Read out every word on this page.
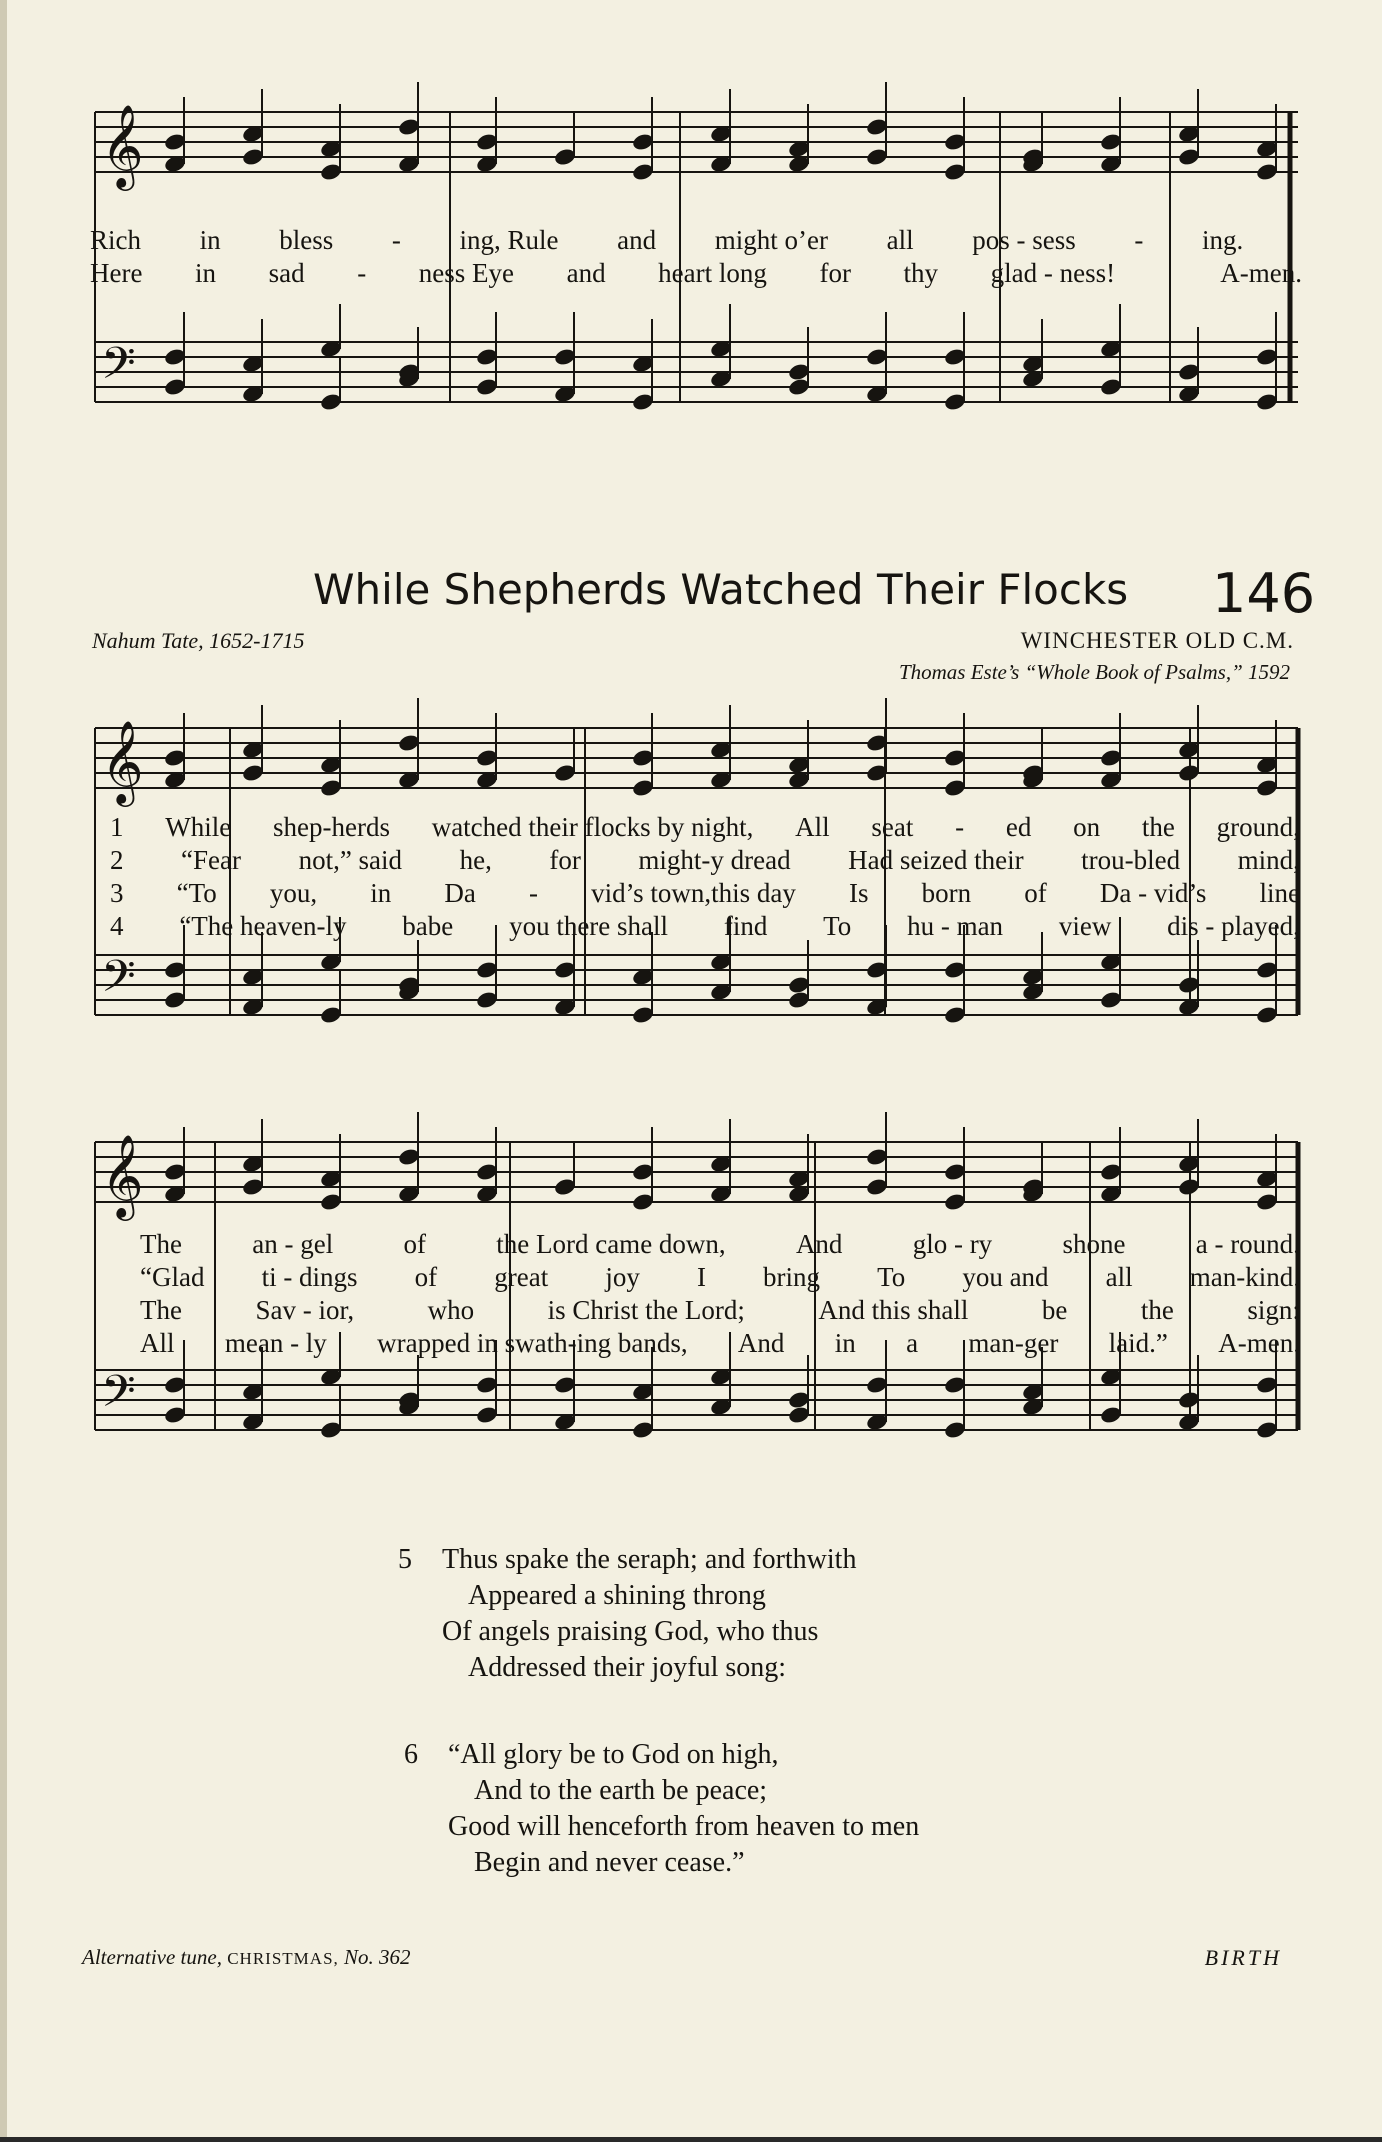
𝄞
𝄢
𝄞
𝄢
𝄞
𝄢
Rich in bless - ing, Rule and might o’er all pos - sess - ing.
Here in sad - ness Eye and heart long for thy glad - ness!	A-men.
While Shepherds Watched Their Flocks 146
Nahum Tate, 1652-1715	WINCHESTER OLD C.M.
Thomas Este’s “Whole Book of Psalms,” 1592
1 While shep-herds watched their flocks by night, All seat - ed on the ground,
2 “Fear not,” said he, for might-y dread Had seized their trou-bled mind,
3 “To you, in Da - vid’s town,this day Is born of Da - vid’s line
4 “The heaven-ly babe you there shall find To hu - man view dis - played,
The	an - gel	of	the Lord came down,	And	glo - ry	shone	a - round.
“Glad ti - dings of great joy I bring To you and all man-kind.
The	Sav - ior,	who	is Christ the Lord;	And this shall	be	the	sign:
All mean - ly wrapped in swath-ing bands, And in a man-ger laid.” A-men.
5 Thus spake the seraph; and forthwith
Appeared a shining throng
Of angels praising God, who thus
Addressed their joyful song:
6 “All glory be to God on high,
And to the earth be peace;
Good will henceforth from heaven to men
Begin and never cease.”
Alternative tune, CHRISTMAS, No. 362	BIRTH
